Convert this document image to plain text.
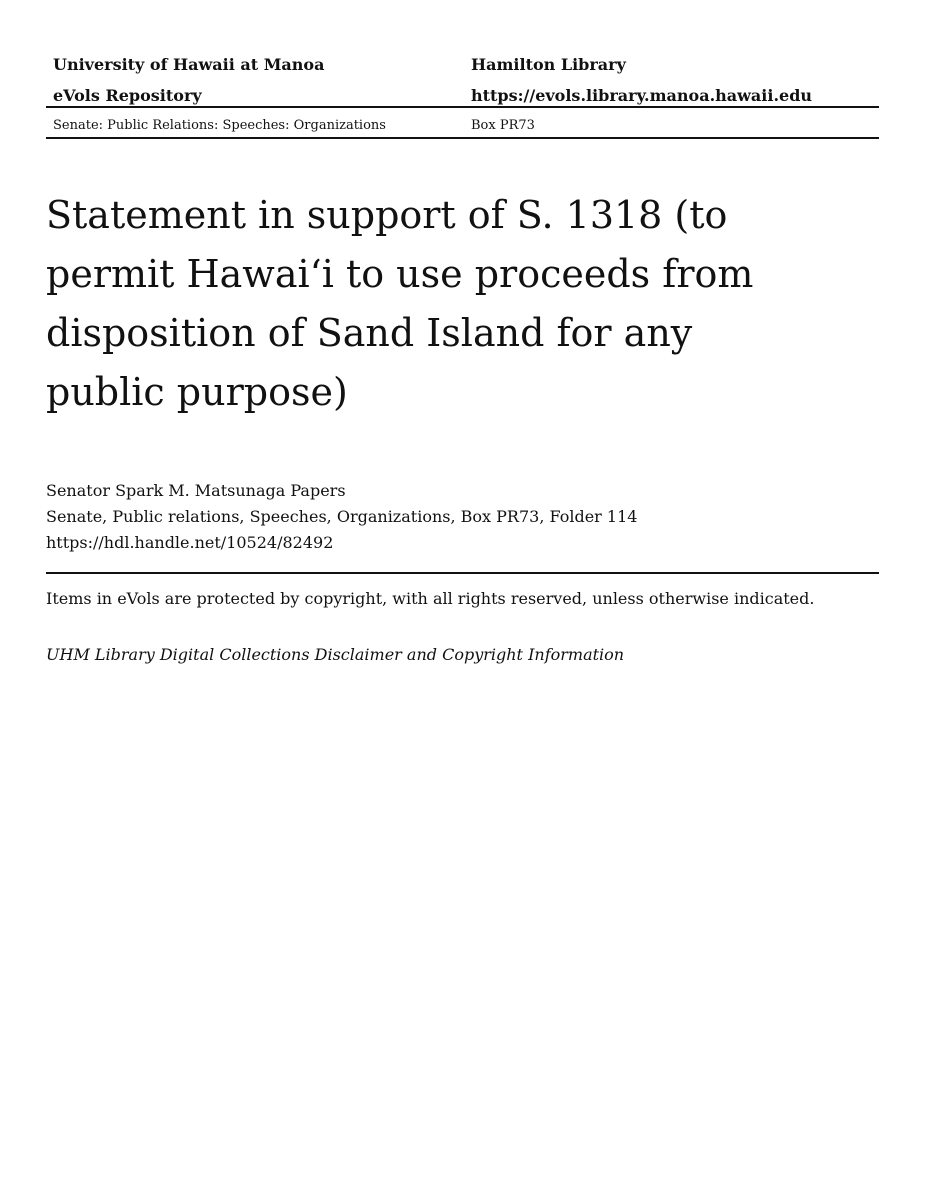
University of Hawaii at Manoa	Hamilton Library
eVols Repository	https://evols.library.manoa.hawaii.edu
Senate: Public Relations: Speeches: Organizations	Box PR73
Statement in support of S. 1318 (to permit Hawai‘i to use proceeds from disposition of Sand Island for any public purpose)
Senator Spark M. Matsunaga Papers
Senate, Public relations, Speeches, Organizations, Box PR73, Folder 114
https://hdl.handle.net/10524/82492
Items in eVols are protected by copyright, with all rights reserved, unless otherwise indicated.
UHM Library Digital Collections Disclaimer and Copyright Information
